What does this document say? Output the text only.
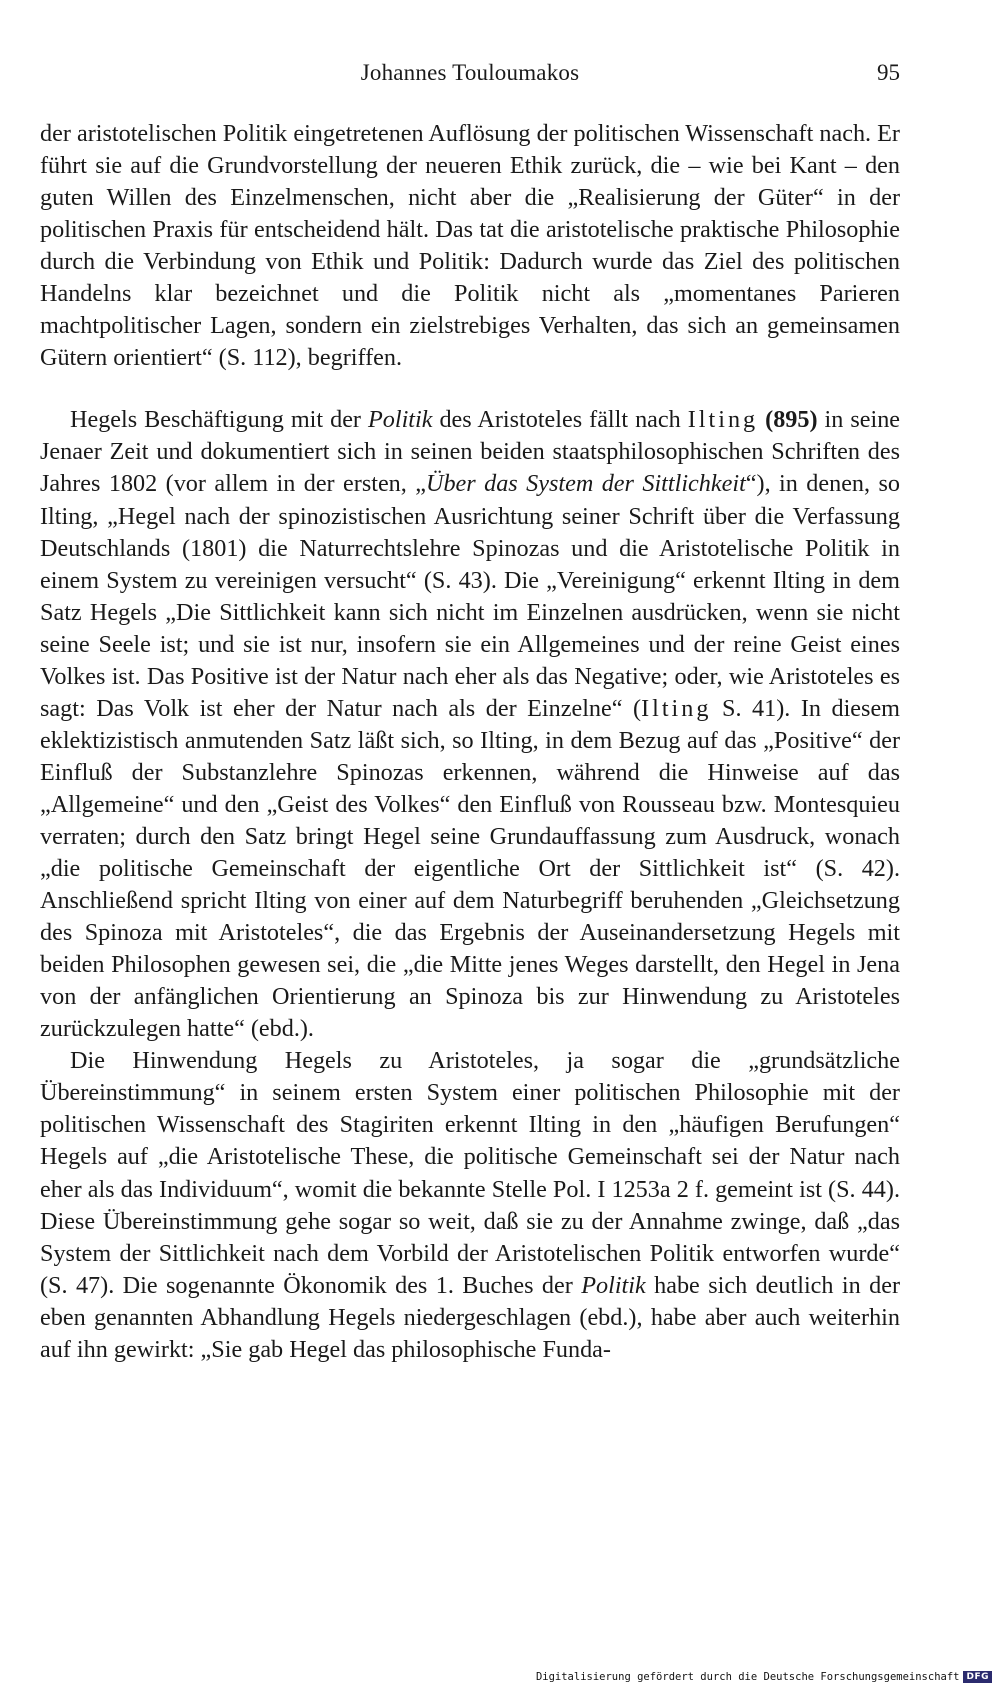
Johannes Touloumakos	95

der aristotelischen Politik eingetretenen Auflösung der politischen Wissenschaft nach. Er führt sie auf die Grundvorstellung der neueren Ethik zurück, die – wie bei Kant – den guten Willen des Einzelmenschen, nicht aber die „Realisierung der Güter“ in der politischen Praxis für entscheidend hält. Das tat die aristotelische praktische Philosophie durch die Verbindung von Ethik und Politik: Dadurch wurde das Ziel des politischen Handelns klar bezeichnet und die Politik nicht als „momentanes Parieren machtpolitischer Lagen, sondern ein zielstrebiges Verhalten, das sich an gemeinsamen Gütern orientiert“ (S. 112), begriffen.

Hegels Beschäftigung mit der Politik des Aristoteles fällt nach Ilting (895) in seine Jenaer Zeit und dokumentiert sich in seinen beiden staatsphilosophischen Schriften des Jahres 1802 (vor allem in der ersten, „Über das System der Sittlichkeit“), in denen, so Ilting, „Hegel nach der spinozistischen Ausrichtung seiner Schrift über die Verfassung Deutschlands (1801) die Naturrechtslehre Spinozas und die Aristotelische Politik in einem System zu vereinigen versucht“ (S. 43). Die „Vereinigung“ erkennt Ilting in dem Satz Hegels „Die Sittlichkeit kann sich nicht im Einzelnen ausdrücken, wenn sie nicht seine Seele ist; und sie ist nur, insofern sie ein Allgemeines und der reine Geist eines Volkes ist. Das Positive ist der Natur nach eher als das Negative; oder, wie Aristoteles es sagt: Das Volk ist eher der Natur nach als der Einzelne“ (Ilting S. 41). In diesem eklektizistisch anmutenden Satz läßt sich, so Ilting, in dem Bezug auf das „Positive“ der Einfluß der Substanzlehre Spinozas erkennen, während die Hinweise auf das „Allgemeine“ und den „Geist des Volkes“ den Einfluß von Rousseau bzw. Montesquieu verraten; durch den Satz bringt Hegel seine Grundauffassung zum Ausdruck, wonach „die politische Gemeinschaft der eigentliche Ort der Sittlichkeit ist“ (S. 42). Anschließend spricht Ilting von einer auf dem Naturbegriff beruhenden „Gleichsetzung des Spinoza mit Aristoteles“, die das Ergebnis der Auseinandersetzung Hegels mit beiden Philosophen gewesen sei, die „die Mitte jenes Weges darstellt, den Hegel in Jena von der anfänglichen Orientierung an Spinoza bis zur Hinwendung zu Aristoteles zurückzulegen hatte“ (ebd.).

Die Hinwendung Hegels zu Aristoteles, ja sogar die „grundsätzliche Übereinstimmung“ in seinem ersten System einer politischen Philosophie mit der politischen Wissenschaft des Stagiriten erkennt Ilting in den „häufigen Berufungen“ Hegels auf „die Aristotelische These, die politische Gemeinschaft sei der Natur nach eher als das Individuum“, womit die bekannte Stelle Pol. I 1253a 2 f. gemeint ist (S. 44). Diese Übereinstimmung gehe sogar so weit, daß sie zu der Annahme zwinge, daß „das System der Sittlichkeit nach dem Vorbild der Aristotelischen Politik entworfen wurde“ (S. 47). Die sogenannte Ökonomik des 1. Buches der Politik habe sich deutlich in der eben genannten Abhandlung Hegels niedergeschlagen (ebd.), habe aber auch weiterhin auf ihn gewirkt: „Sie gab Hegel das philosophische Funda-

Digitalisierung gefördert durch die Deutsche Forschungsgemeinschaft DFG
